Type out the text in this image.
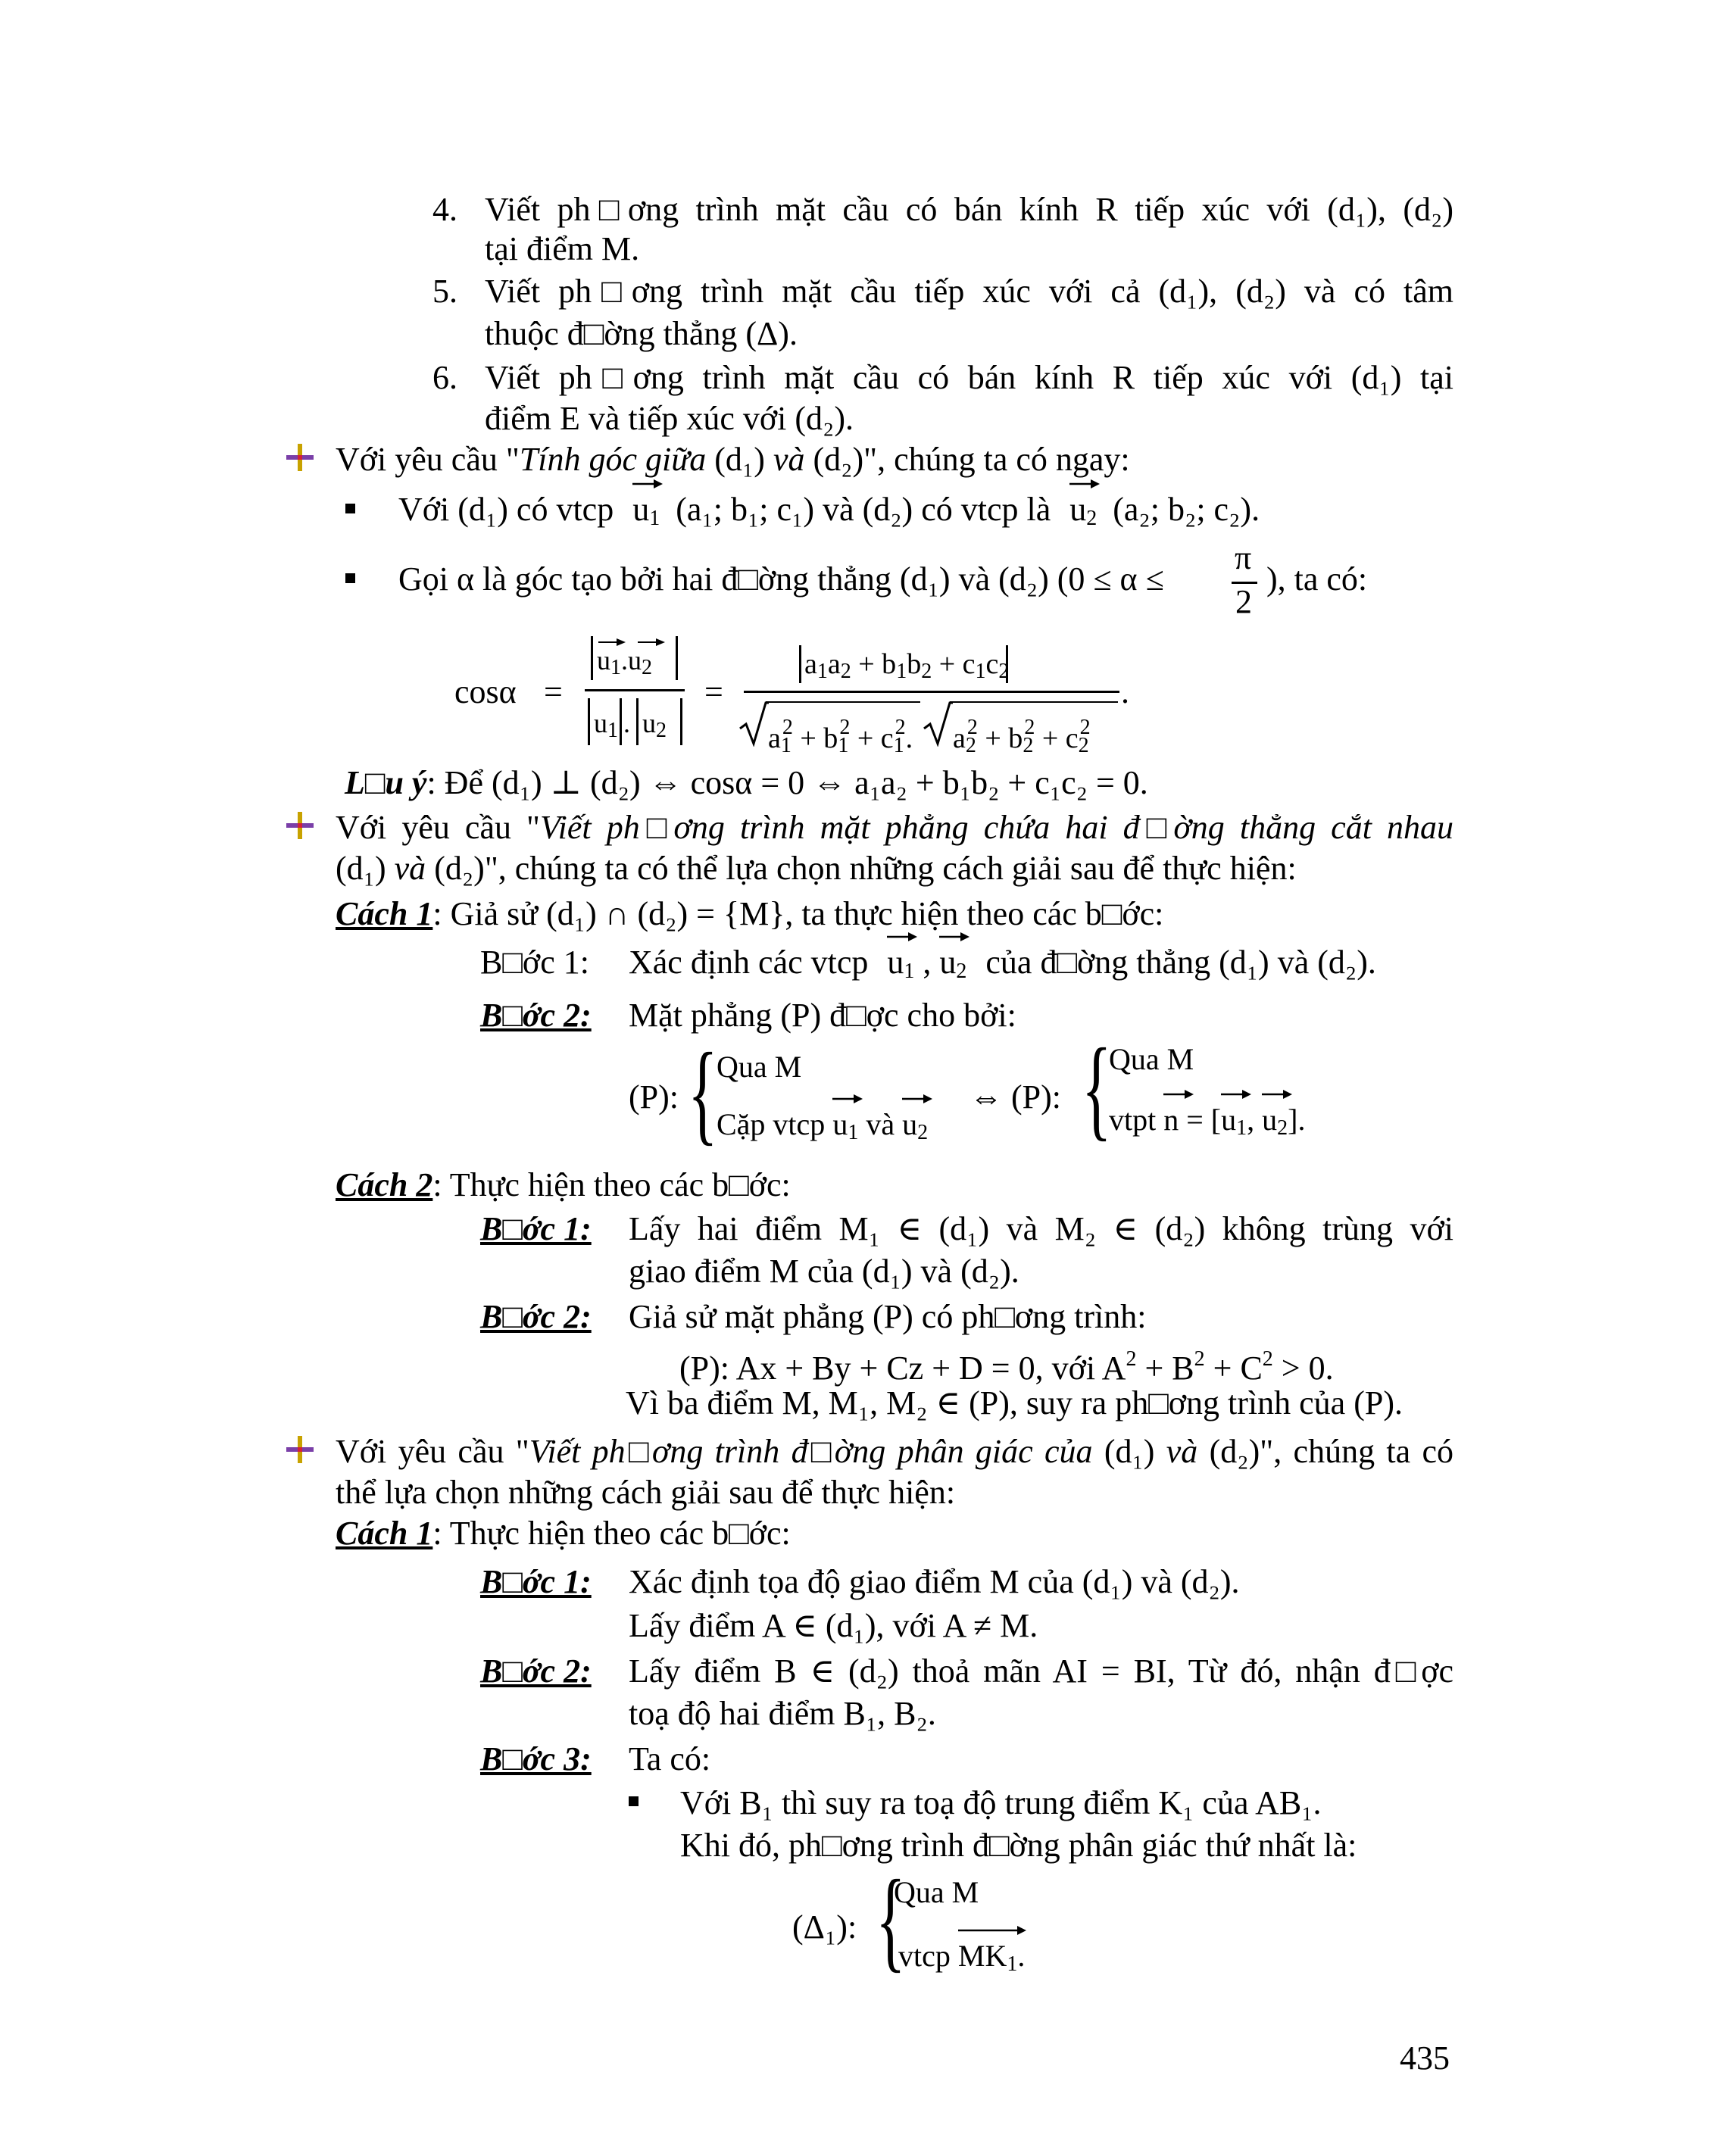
4. Viết ph□ơng trình mặt cầu có bán kính R tiếp xúc với (d₁), (d₂)
tại điểm M.
5. Viết ph□ơng trình mặt cầu tiếp xúc với cả (d₁), (d₂) và có tâm
thuộc đ□ờng thẳng (Δ).
6. Viết ph□ơng trình mặt cầu có bán kính R tiếp xúc với (d₁) tại
điểm E và tiếp xúc với (d₂).
Với yêu cầu "Tính góc giữa (d₁) và (d₂)", chúng ta có ngay:
Với (d₁) có vtcp $u_1$ (a₁; b₁; c₁) và (d₂) có vtcp là $u_2$ (a₂; b₂; c₂).
Gọi α là góc tạo bởi hai đ□ờng thẳng (d₁) và (d₂) (0 ≤ α ≤
π
2
), ta có:
cosα =
$u_1.u_2$
$u_1$ . $u_2$
=
$a_1a_2 + b_1b_2 + c_1c_2$
$a_1^2 + b_1^2 + c_1^2$. $a_2^2 + b_2^2 + c_2^2$
.
L□u ý: Để (d₁) ⊥ (d₂) ⇔ cosα = 0 ⇔ a₁a₂ + b₁b₂ + c₁c₂ = 0.
Với yêu cầu "Viết ph□ơng trình mặt phẳng chứa hai đ□ờng thẳng cắt nhau
(d₁) và (d₂)", chúng ta có thể lựa chọn những cách giải sau để thực hiện:
Cách 1: Giả sử (d₁) ∩ (d₂) = {M}, ta thực hiện theo các b□ớc:
B□ớc 1: Xác định các vtcp $u_1$ ,
$u_2$ của đ□ờng thẳng (d₁) và (d₂).
B□ớc 2: Mặt phẳng (P) đ□ợc cho bởi:
(P): {
Qua M
Cặp vtcp $u_1$ và $u_2$
⇔ (P): {
Qua M
vtpt n = [
$u_1$,
$u_2$].
Cách 2: Thực hiện theo các b□ớc:
B□ớc 1: Lấy hai điểm M₁ ∈ (d₁) và M₂ ∈ (d₂) không trùng với
giao điểm M của (d₁) và (d₂).
B□ớc 2: Giả sử mặt phẳng (P) có ph□ơng trình:
(P): Ax + By + Cz + D = 0, với $A^2 + B^2 + C^2 > 0$.
Vì ba điểm M, M₁, M₂ ∈ (P), suy ra ph□ơng trình của (P).
Với yêu cầu "Viết ph□ơng trình đ□ờng phân giác của (d₁) và (d₂)", chúng ta có
thể lựa chọn những cách giải sau để thực hiện:
Cách 1: Thực hiện theo các b□ớc:
B□ớc 1: Xác định tọa độ giao điểm M của (d₁) và (d₂).
Lấy điểm A ∈ (d₁), với A ≠ M.
B□ớc 2: Lấy điểm B ∈ (d₂) thoả mãn AI = BI, Từ đó, nhận đ□ợc
toạ độ hai điểm B₁, B₂.
B□ớc 3: Ta có:
Với B₁ thì suy ra toạ độ trung điểm K₁ của AB₁.
Khi đó, ph□ơng trình đ□ờng phân giác thứ nhất là:
(Δ₁): {
Qua M
vtcp $MK_1$.
435
